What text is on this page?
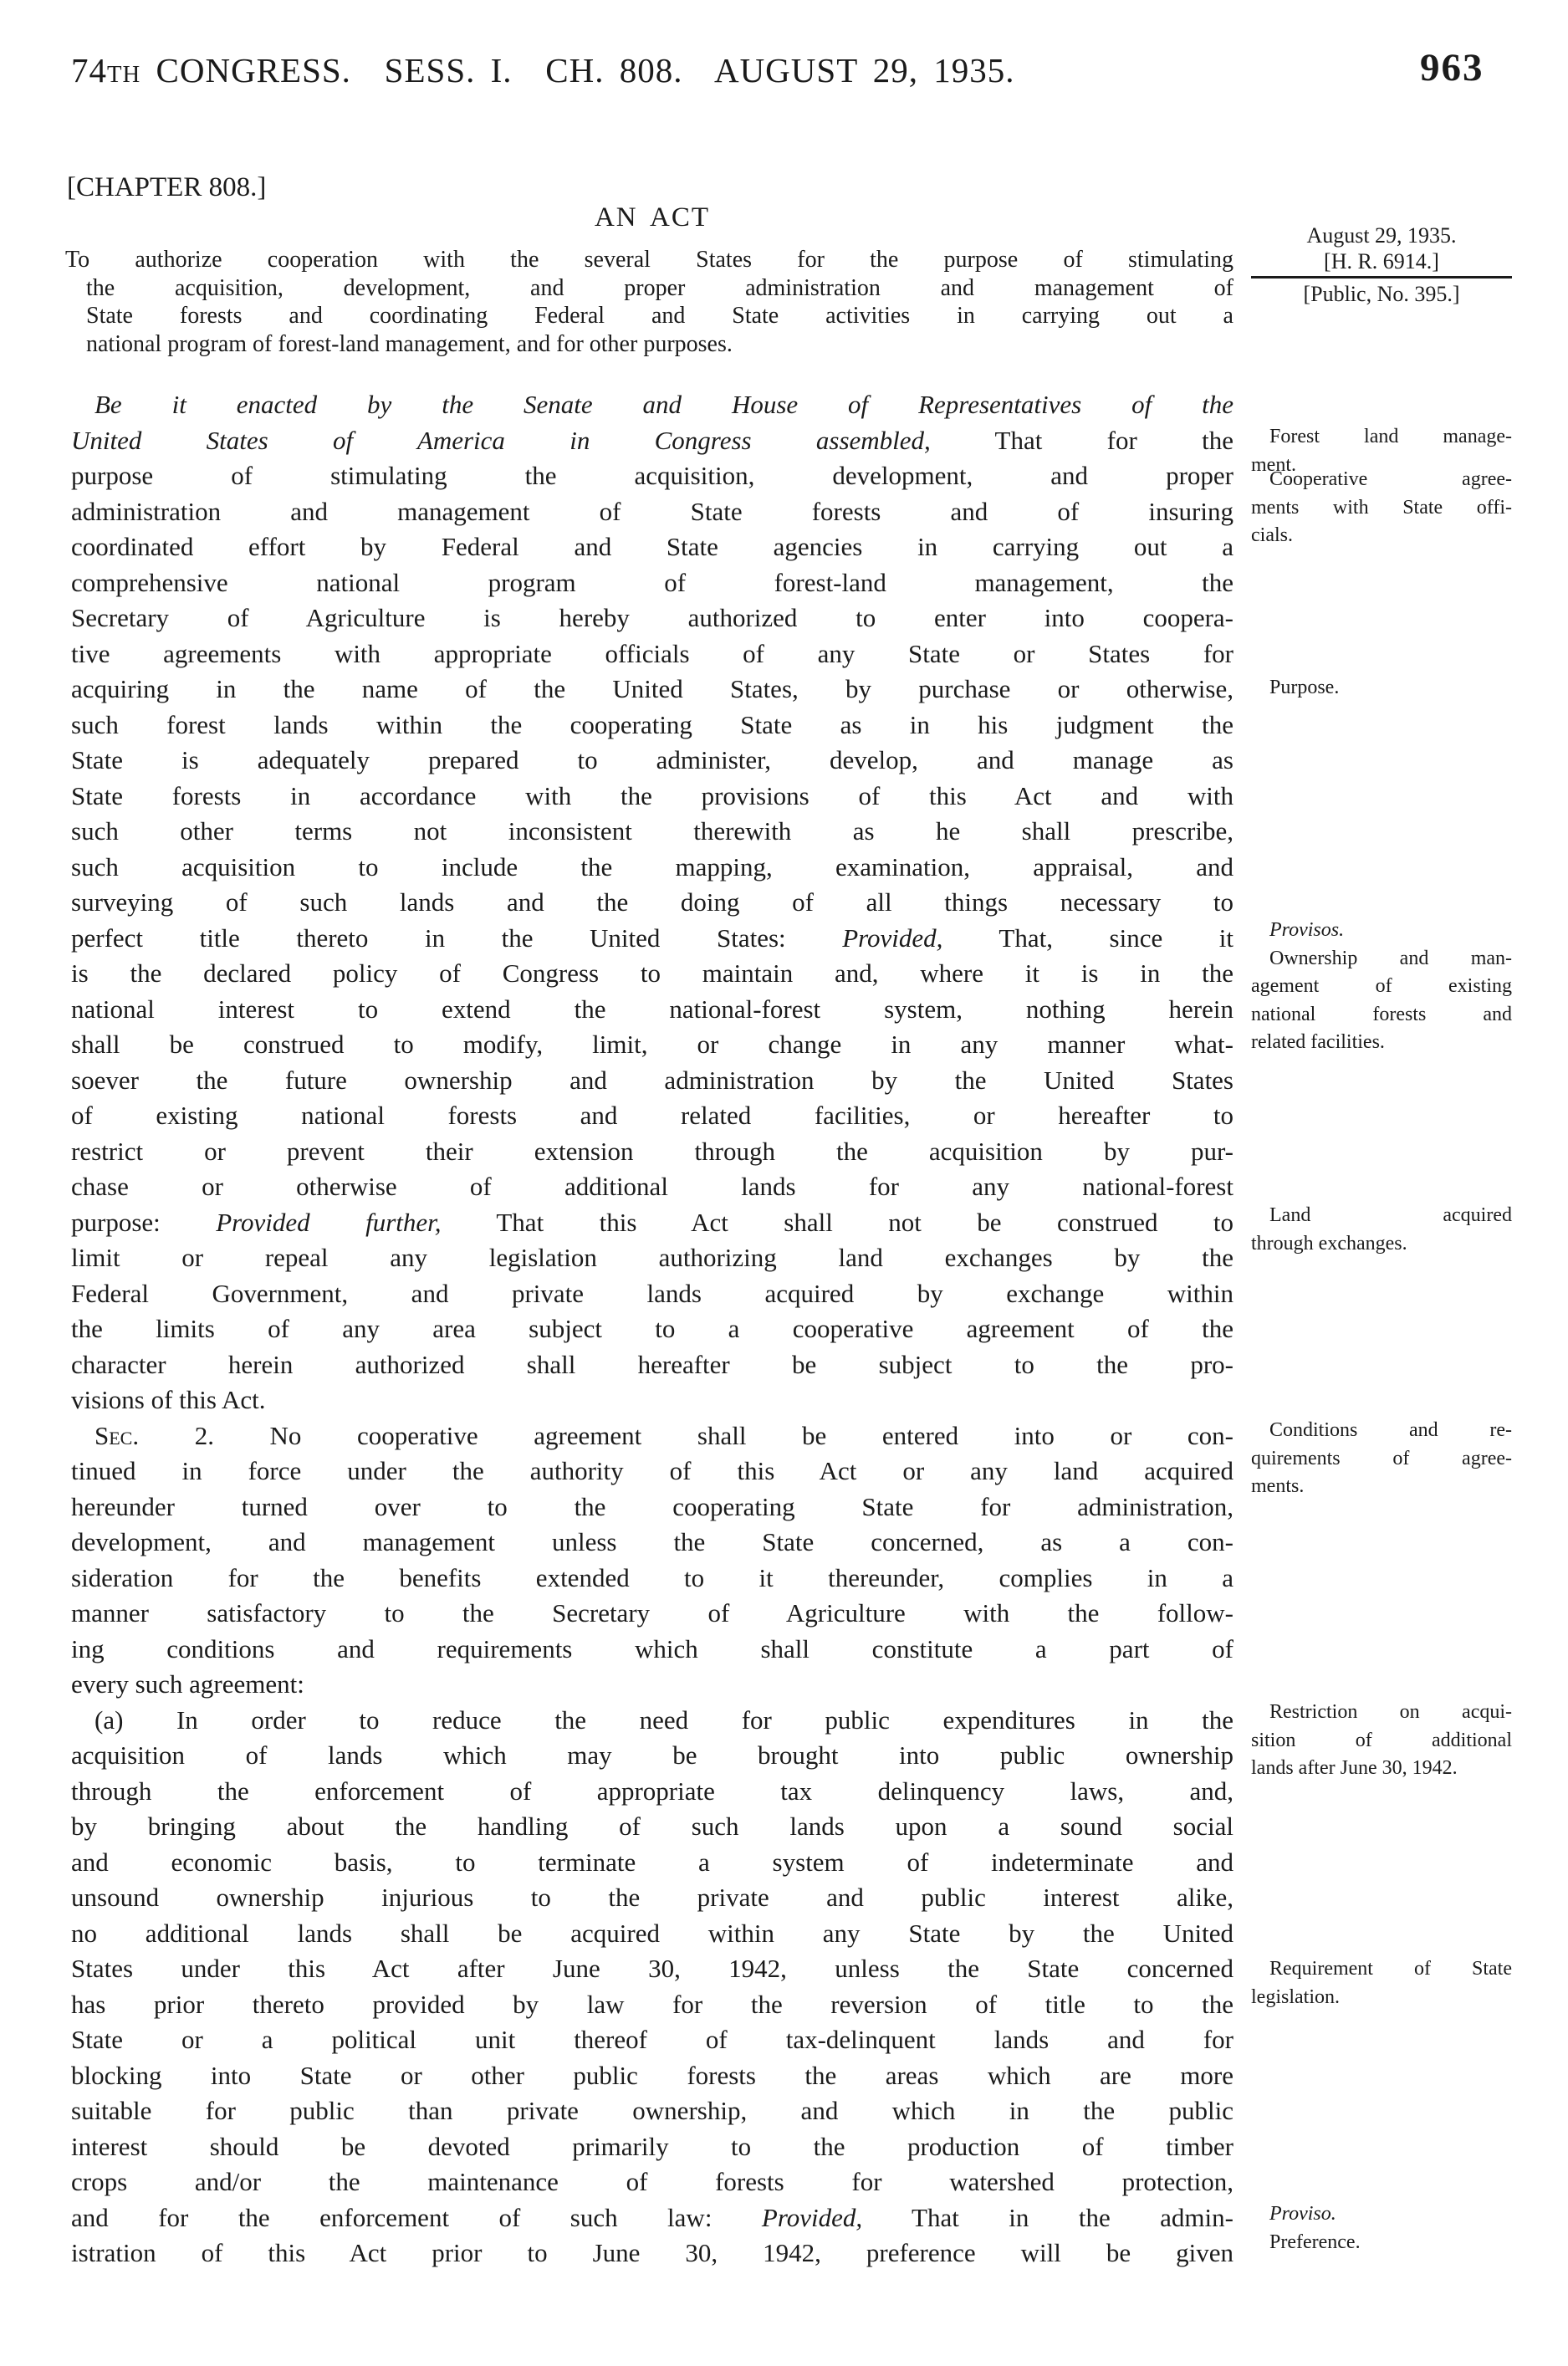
74TH CONGRESS.  SESS. I.  CH. 808.  AUGUST 29, 1935.	963
[CHAPTER 808.]
AN ACT
To authorize cooperation with the several States for the purpose of stimulating
the acquisition, development, and proper administration and management of
State forests and coordinating Federal and State activities in carrying out a
national program of forest-land management, and for other purposes.
Be it enacted by the Senate and House of Representatives of the
United States of America in Congress assembled, That for the
purpose of stimulating the acquisition, development, and proper
administration and management of State forests and of insuring
coordinated effort by Federal and State agencies in carrying out a
comprehensive national program of forest-land management, the
Secretary of Agriculture is hereby authorized to enter into coopera-
tive agreements with appropriate officials of any State or States for
acquiring in the name of the United States, by purchase or otherwise,
such forest lands within the cooperating State as in his judgment the
State is adequately prepared to administer, develop, and manage as
State forests in accordance with the provisions of this Act and with
such other terms not inconsistent therewith as he shall prescribe,
such acquisition to include the mapping, examination, appraisal, and
surveying of such lands and the doing of all things necessary to
perfect title thereto in the United States: Provided, That, since it
is the declared policy of Congress to maintain and, where it is in the
national interest to extend the national-forest system, nothing herein
shall be construed to modify, limit, or change in any manner what-
soever the future ownership and administration by the United States
of existing national forests and related facilities, or hereafter to
restrict or prevent their extension through the acquisition by pur-
chase or otherwise of additional lands for any national-forest
purpose: Provided further, That this Act shall not be construed to
limit or repeal any legislation authorizing land exchanges by the
Federal Government, and private lands acquired by exchange within
the limits of any area subject to a cooperative agreement of the
character herein authorized shall hereafter be subject to the pro-
visions of this Act.
Sec. 2. No cooperative agreement shall be entered into or con-
tinued in force under the authority of this Act or any land acquired
hereunder turned over to the cooperating State for administration,
development, and management unless the State concerned, as a con-
sideration for the benefits extended to it thereunder, complies in a
manner satisfactory to the Secretary of Agriculture with the follow-
ing conditions and requirements which shall constitute a part of
every such agreement:
(a) In order to reduce the need for public expenditures in the
acquisition of lands which may be brought into public ownership
through the enforcement of appropriate tax delinquency laws, and,
by bringing about the handling of such lands upon a sound social
and economic basis, to terminate a system of indeterminate and
unsound ownership injurious to the private and public interest alike,
no additional lands shall be acquired within any State by the United
States under this Act after June 30, 1942, unless the State concerned
has prior thereto provided by law for the reversion of title to the
State or a political unit thereof of tax-delinquent lands and for
blocking into State or other public forests the areas which are more
suitable for public than private ownership, and which in the public
interest should be devoted primarily to the production of timber
crops and/or the maintenance of forests for watershed protection,
and for the enforcement of such law: Provided, That in the admin-
istration of this Act prior to June 30, 1942, preference will be given
August 29, 1935.
[H. R. 6914.]
[Public, No. 395.]
Forest land manage-
ment.
Cooperative agree-
ments with State offi-
cials.
Purpose.
Provisos.
Ownership and man-
agement of existing
national forests and
related facilities.
Land acquired
through exchanges.
Conditions and re-
quirements of agree-
ments.
Restriction on acqui-
sition of additional
lands after June 30, 1942.
Requirement of State
legislation.
Proviso.
Preference.
